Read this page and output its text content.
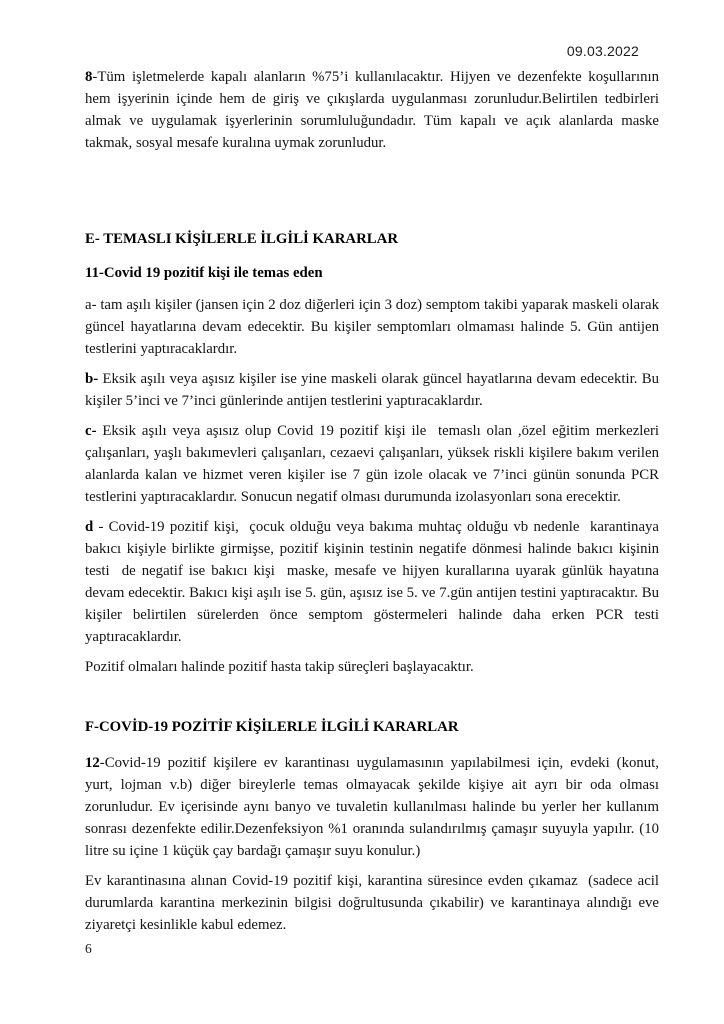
09.03.2022

8-Tüm işletmelerde kapalı alanların %75’i kullanılacaktır. Hijyen ve dezenfekte koşullarının hem işyerinin içinde hem de giriş ve çıkışlarda uygulanması zorunludur.Belirtilen tedbirleri almak ve uygulamak işyerlerinin sorumluluğundadır. Tüm kapalı ve açık alanlarda maske takmak, sosyal mesafe kuralına uymak zorunludur.

E- TEMASLI KİŞİLERLE İLGİLİ KARARLAR

11-Covid 19 pozitif kişi ile temas eden

a- tam aşılı kişiler (jansen için 2 doz diğerleri için 3 doz) semptom takibi yaparak maskeli olarak güncel hayatlarına devam edecektir. Bu kişiler semptomları olmaması halinde 5. Gün antijen testlerini yaptıracaklardır.

b- Eksik aşılı veya aşısız kişiler ise yine maskeli olarak güncel hayatlarına devam edecektir. Bu kişiler 5’inci ve 7’inci günlerinde antijen testlerini yaptıracaklardır.

c- Eksik aşılı veya aşısız olup Covid 19 pozitif kişi ile  temaslı olan ,özel eğitim merkezleri çalışanları, yaşlı bakımevleri çalışanları, cezaevi çalışanları, yüksek riskli kişilere bakım verilen alanlarda kalan ve hizmet veren kişiler ise 7 gün izole olacak ve 7’inci günün sonunda PCR testlerini yaptıracaklardır. Sonucun negatif olması durumunda izolasyonları sona erecektir.

d - Covid-19 pozitif kişi,  çocuk olduğu veya bakıma muhtaç olduğu vb nedenle  karantinaya bakıcı kişiyle birlikte girmişse, pozitif kişinin testinin negatife dönmesi halinde bakıcı kişinin testi  de negatif ise bakıcı kişi  maske, mesafe ve hijyen kurallarına uyarak günlük hayatına devam edecektir. Bakıcı kişi aşılı ise 5. gün, aşısız ise 5. ve 7.gün antijen testini yaptıracaktır. Bu kişiler belirtilen sürelerden önce semptom göstermeleri halinde daha erken PCR testi yaptıracaklardır.

Pozitif olmaları halinde pozitif hasta takip süreçleri başlayacaktır.

F-COVİD-19 POZİTİF KİŞİLERLE İLGİLİ KARARLAR

12-Covid-19 pozitif kişilere ev karantinası uygulamasının yapılabilmesi için, evdeki (konut, yurt, lojman v.b) diğer bireylerle temas olmayacak şekilde kişiye ait ayrı bir oda olması zorunludur. Ev içerisinde aynı banyo ve tuvaletin kullanılması halinde bu yerler her kullanım sonrası dezenfekte edilir.Dezenfeksiyon %1 oranında sulandırılmış çamaşır suyuyla yapılır. (10 litre su içine 1 küçük çay bardağı çamaşır suyu konulur.)

Ev karantinasına alınan Covid-19 pozitif kişi, karantina süresince evden çıkamaz  (sadece acil durumlarda karantina merkezinin bilgisi doğrultusunda çıkabilir) ve karantinaya alındığı eve ziyaretçi kesinlikle kabul edemez.

6
